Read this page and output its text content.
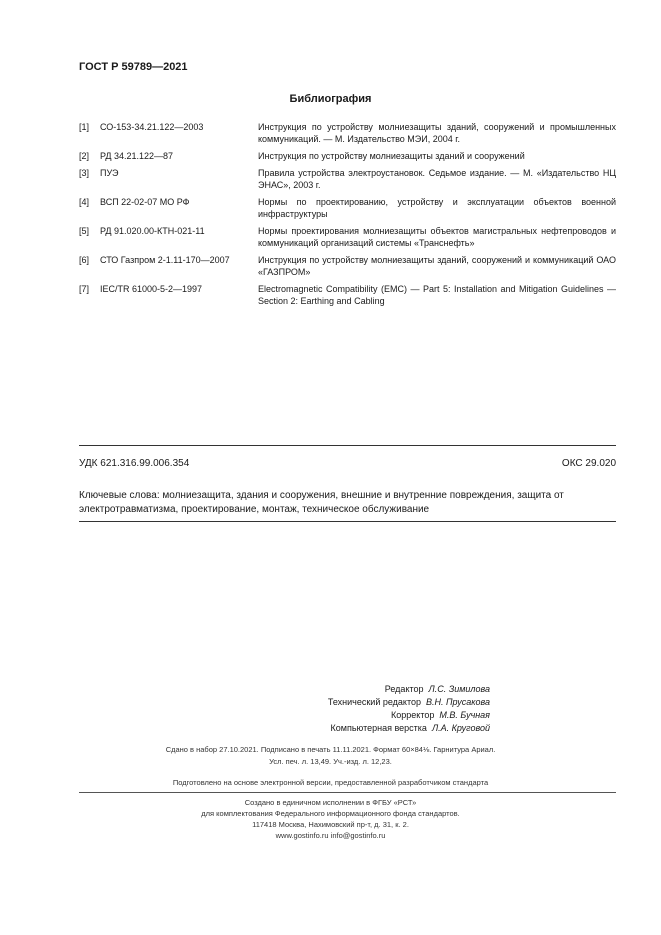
ГОСТ Р 59789—2021
Библиография
[1]	СО-153-34.21.122—2003	Инструкция по устройству молниезащиты зданий, сооружений и промышленных коммуникаций. — М. Издательство МЭИ, 2004 г.
[2]	РД 34.21.122—87	Инструкция по устройству молниезащиты зданий и сооружений
[3]	ПУЭ	Правила устройства электроустановок. Седьмое издание. — М. «Издательство НЦ ЭНАС», 2003 г.
[4]	ВСП 22-02-07 МО РФ	Нормы по проектированию, устройству и эксплуатации объектов военной инфраструктуры
[5]	РД 91.020.00-КТН-021-11	Нормы проектирования молниезащиты объектов магистральных нефтепроводов и коммуникаций организаций системы «Транснефть»
[6]	СТО Газпром 2-1.11-170—2007	Инструкция по устройству молниезащиты зданий, сооружений и коммуникаций ОАО «ГАЗПРОМ»
[7]	IEC/TR 61000-5-2—1997	Electromagnetic Compatibility (EMC) — Part 5: Installation and Mitigation Guidelines — Section 2: Earthing and Cabling
УДК 621.316.99.006.354	ОКС 29.020
Ключевые слова: молниезащита, здания и сооружения, внешние и внутренние повреждения, защита от электротравматизма, проектирование, монтаж, техническое обслуживание
Редактор Л.С. Зимилова
Технический редактор В.Н. Прусакова
Корректор М.В. Бучная
Компьютерная верстка Л.А. Круговой
Сдано в набор 27.10.2021. Подписано в печать 11.11.2021. Формат 60×84⅛. Гарнитура Ариал.
Усл. печ. л. 13,49. Уч.-изд. л. 12,23.
Подготовлено на основе электронной версии, предоставленной разработчиком стандарта
Создано в единичном исполнении в ФГБУ «РСТ»
для комплектования Федерального информационного фонда стандартов.
117418 Москва, Нахимовский пр-т, д. 31, к. 2.
www.gostinfo.ru info@gostinfo.ru
